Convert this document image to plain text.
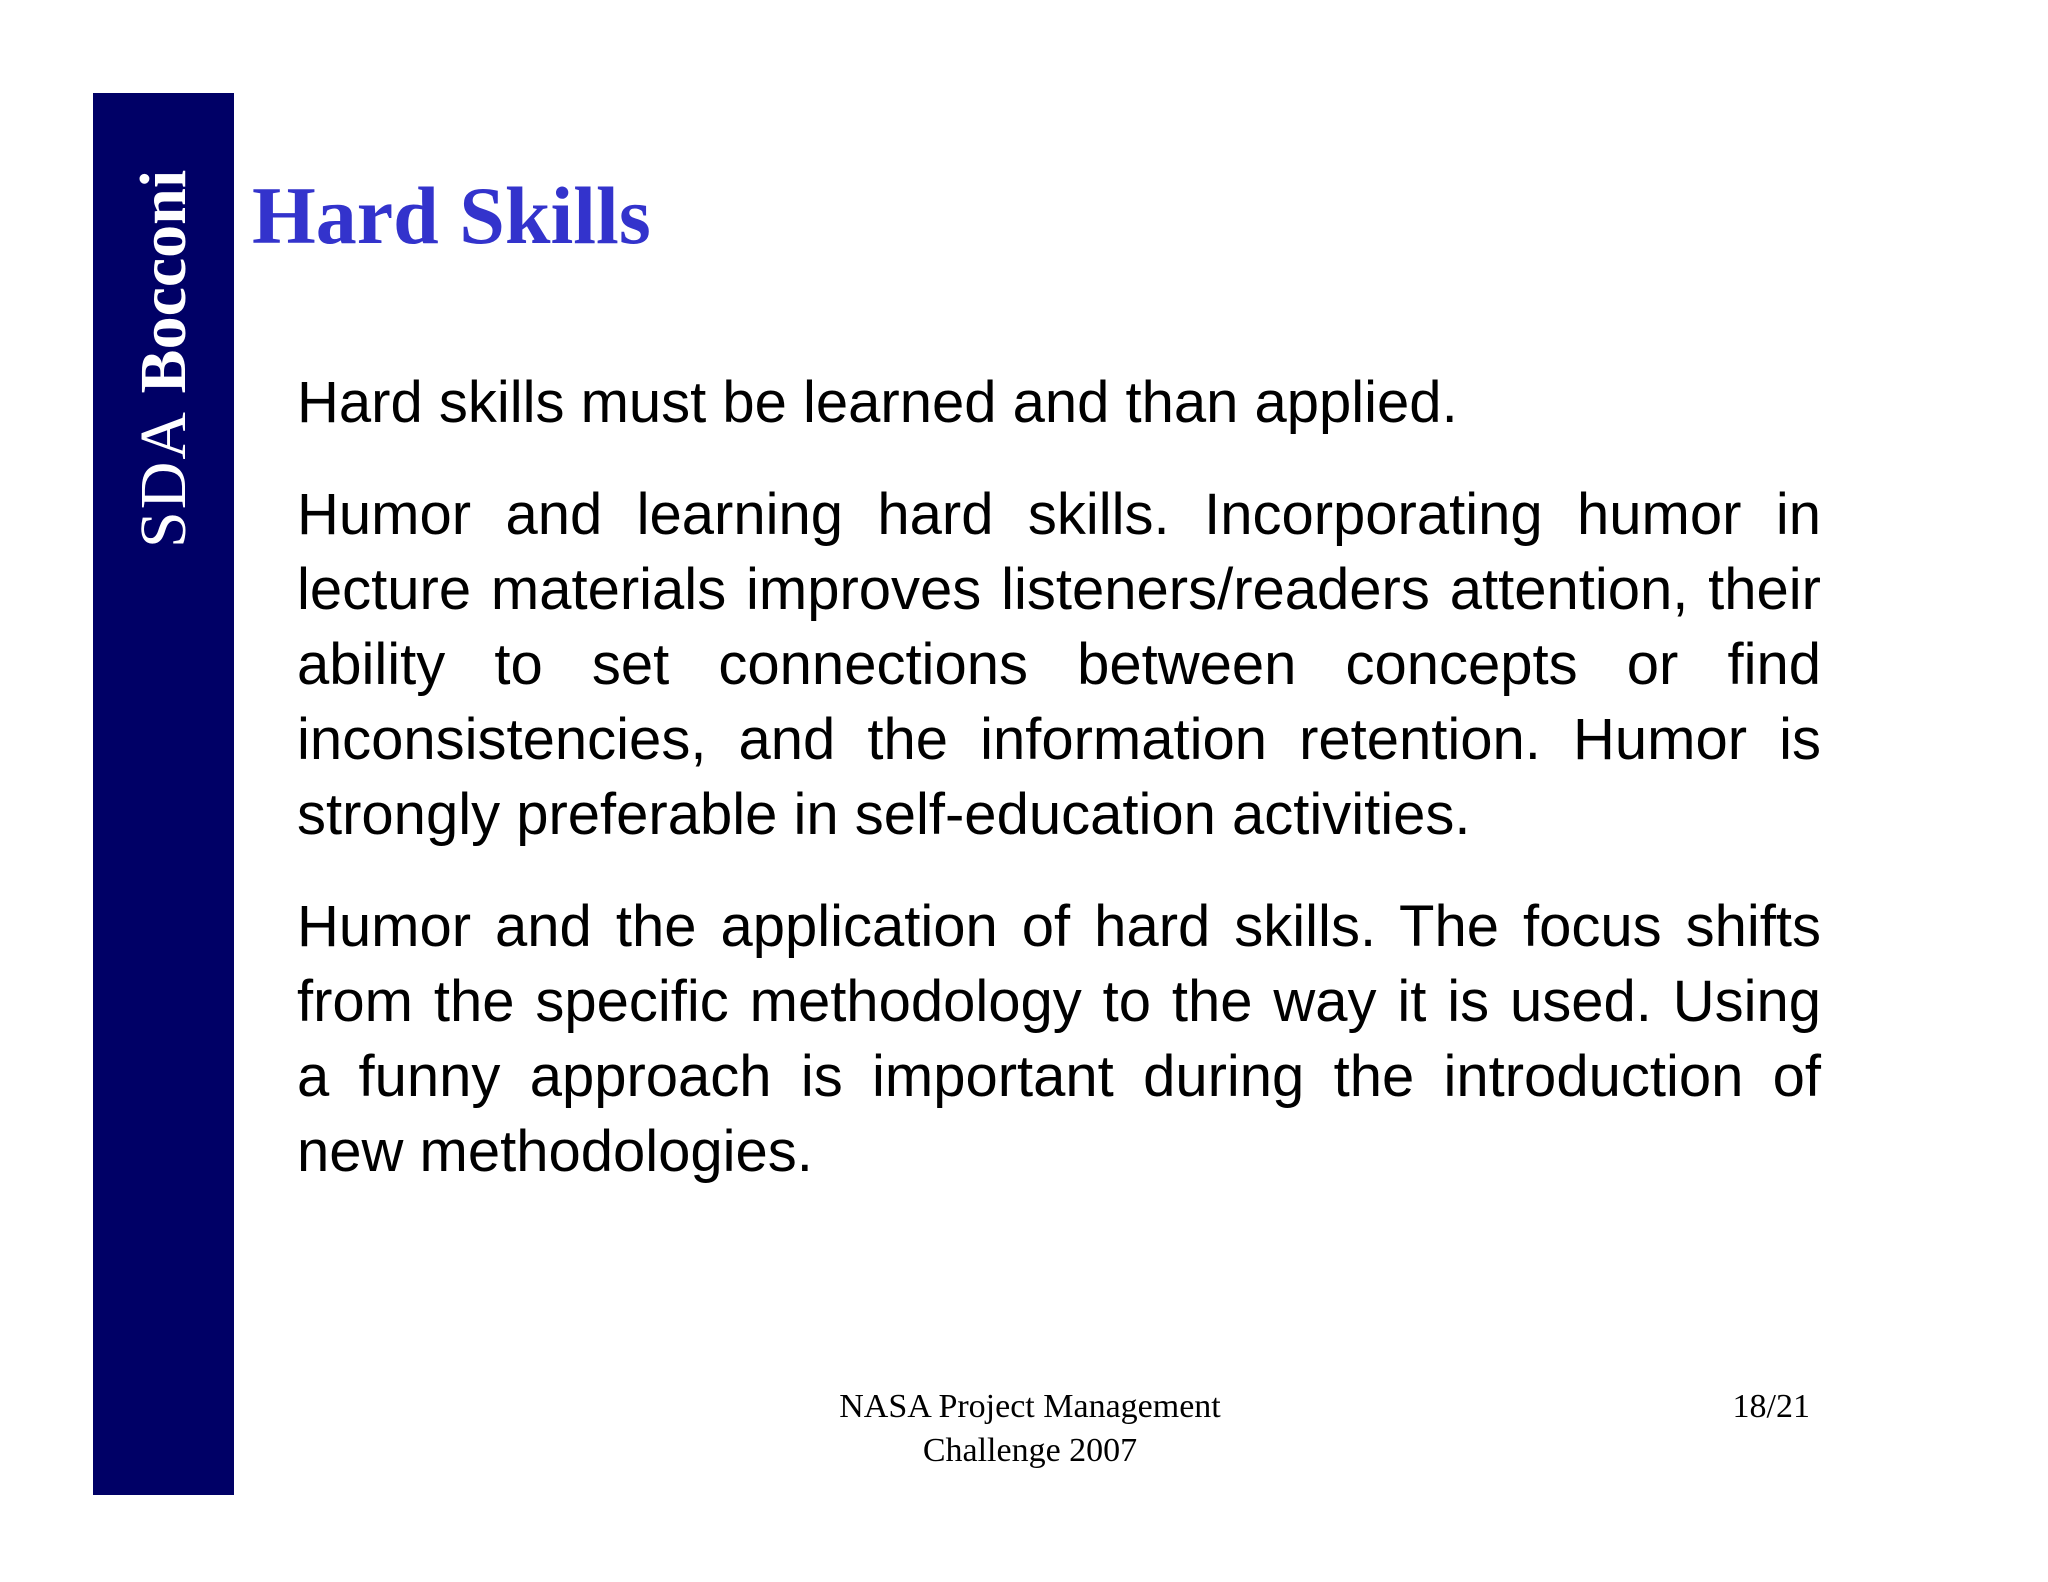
SDA Bocconi Hard Skills

Hard skills must be learned and than applied.

Humor and learning hard skills. Incorporating humor in lecture materials improves listeners/readers attention, their ability to set connections between concepts or find inconsistencies, and the information retention. Humor is strongly preferable in self-education activities.

Humor and the application of hard skills. The focus shifts from the specific methodology to the way it is used. Using a funny approach is important during the introduction of new methodologies.

NASA Project Management
Challenge 2007
18/21
